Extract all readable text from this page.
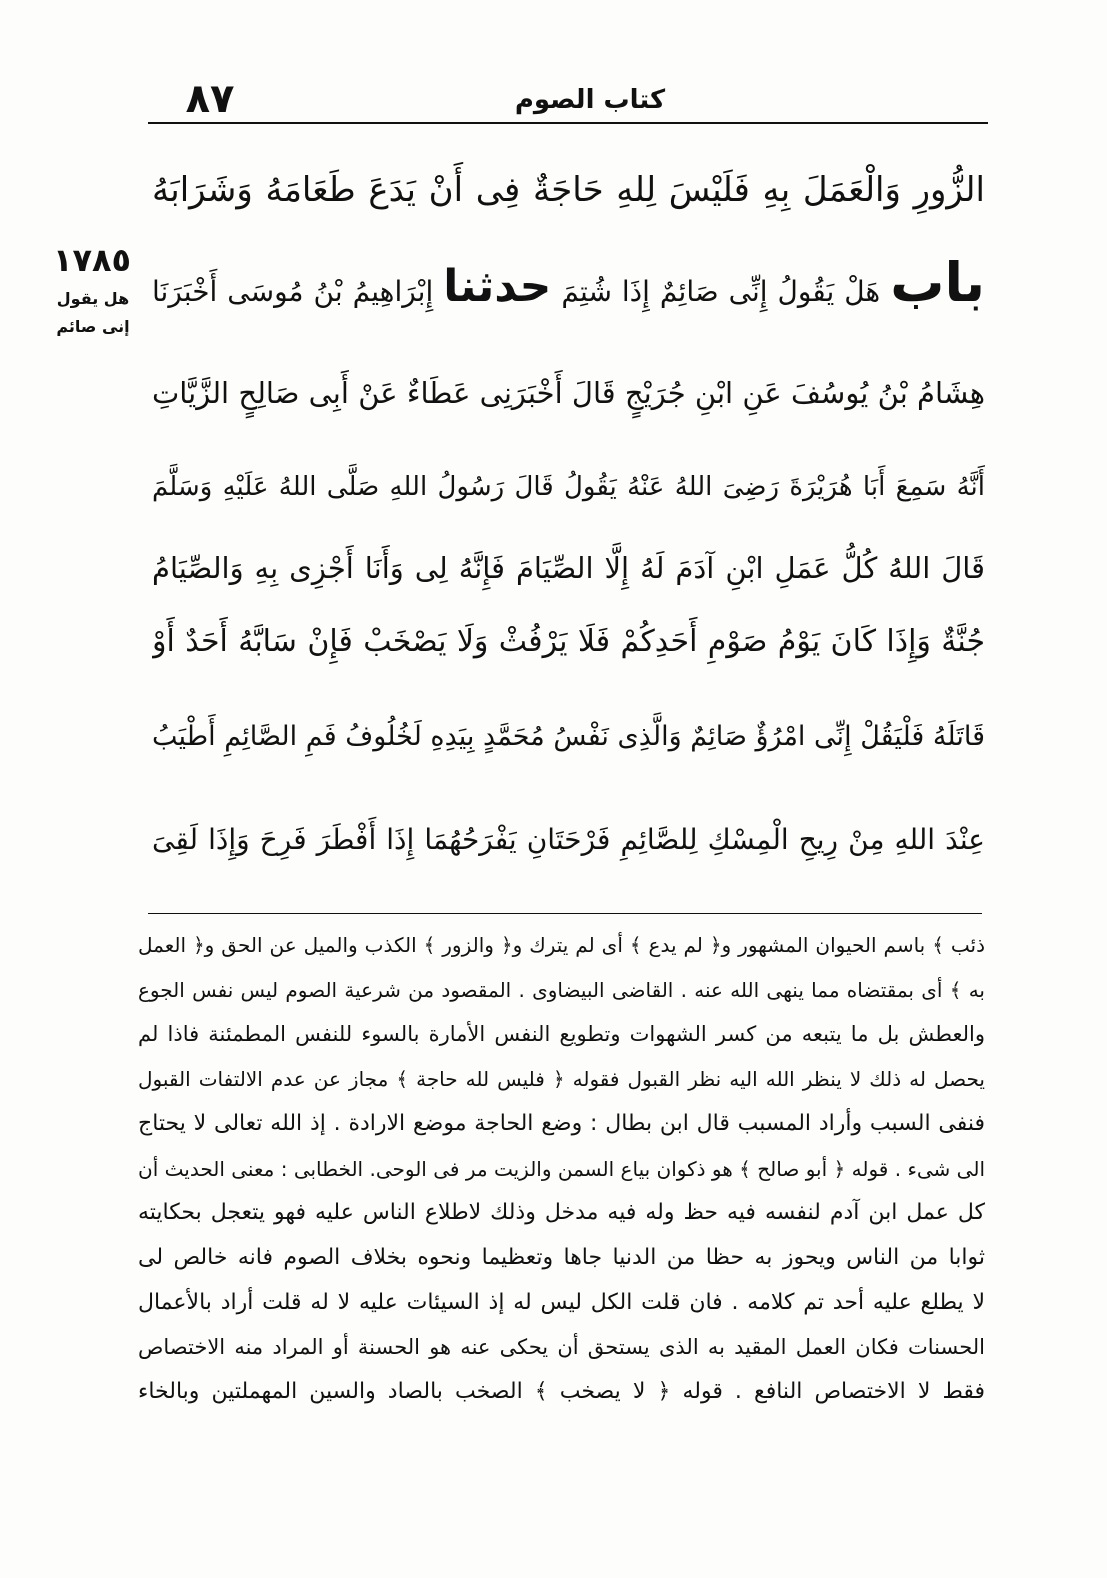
٨٧	كتاب الصوم
١٧٨٥
هل يقول
إنى صائم
الزُّورِ وَالْعَمَلَ بِهِ فَلَيْسَ لِلهِ حَاجَةٌ فِى أَنْ يَدَعَ طَعَامَهُ وَشَرَابَهُ
باب هَلْ يَقُولُ إِنِّى صَائِمٌ إِذَا شُتِمَ حدثنا إِبْرَاهِيمُ بْنُ مُوسَى أَخْبَرَنَا
هِشَامُ بْنُ يُوسُفَ عَنِ ابْنِ جُرَيْجٍ قَالَ أَخْبَرَنِى عَطَاءٌ عَنْ أَبِى صَالِحٍ الزَّيَّاتِ
أَنَّهُ سَمِعَ أَبَا هُرَيْرَةَ رَضِىَ اللهُ عَنْهُ يَقُولُ قَالَ رَسُولُ اللهِ صَلَّى اللهُ عَلَيْهِ وَسَلَّمَ
قَالَ اللهُ كُلُّ عَمَلِ ابْنِ آدَمَ لَهُ إِلَّا الصِّيَامَ فَإِنَّهُ لِى وَأَنَا أَجْزِى بِهِ وَالصِّيَامُ
جُنَّةٌ وَإِذَا كَانَ يَوْمُ صَوْمِ أَحَدِكُمْ فَلَا يَرْفُثْ وَلَا يَصْخَبْ فَإِنْ سَابَّهُ أَحَدٌ أَوْ
قَاتَلَهُ فَلْيَقُلْ إِنِّى امْرُؤٌ صَائِمٌ وَالَّذِى نَفْسُ مُحَمَّدٍ بِيَدِهِ لَخُلُوفُ فَمِ الصَّائِمِ أَطْيَبُ
عِنْدَ اللهِ مِنْ رِيحِ الْمِسْكِ لِلصَّائِمِ فَرْحَتَانِ يَفْرَحُهُمَا إِذَا أَفْطَرَ فَرِحَ وَإِذَا لَقِىَ
ذئب ﴾ باسم الحيوان المشهور و﴿ لم يدع ﴾ أى لم يترك و﴿ والزور ﴾ الكذب والميل عن الحق و﴿ العمل
به ﴾ أى بمقتضاه مما ينهى الله عنه . القاضى البيضاوى . المقصود من شرعية الصوم ليس نفس الجوع
والعطش بل ما يتبعه من كسر الشهوات وتطويع النفس الأمارة بالسوء للنفس المطمئنة فاذا لم
يحصل له ذلك لا ينظر الله اليه نظر القبول فقوله ﴿ فليس لله حاجة ﴾ مجاز عن عدم الالتفات القبول
فنفى السبب وأراد المسبب قال ابن بطال : وضع الحاجة موضع الارادة . إذ الله تعالى لا يحتاج
الى شىء . قوله ﴿ أبو صالح ﴾ هو ذكوان بياع السمن والزيت مر فى الوحى. الخطابى : معنى الحديث أن
كل عمل ابن آدم لنفسه فيه حظ وله فيه مدخل وذلك لاطلاع الناس عليه فهو يتعجل بحكايته
ثوابا من الناس ويحوز به حظا من الدنيا جاها وتعظيما ونحوه بخلاف الصوم فانه خالص لى
لا يطلع عليه أحد تم كلامه . فان قلت الكل ليس له إذ السيئات عليه لا له قلت أراد بالأعمال
الحسنات فكان العمل المقيد به الذى يستحق أن يحكى عنه هو الحسنة أو المراد منه الاختصاص
فقط لا الاختصاص النافع . قوله ﴿ لا يصخب ﴾ الصخب بالصاد والسين المهملتين وبالخاء
